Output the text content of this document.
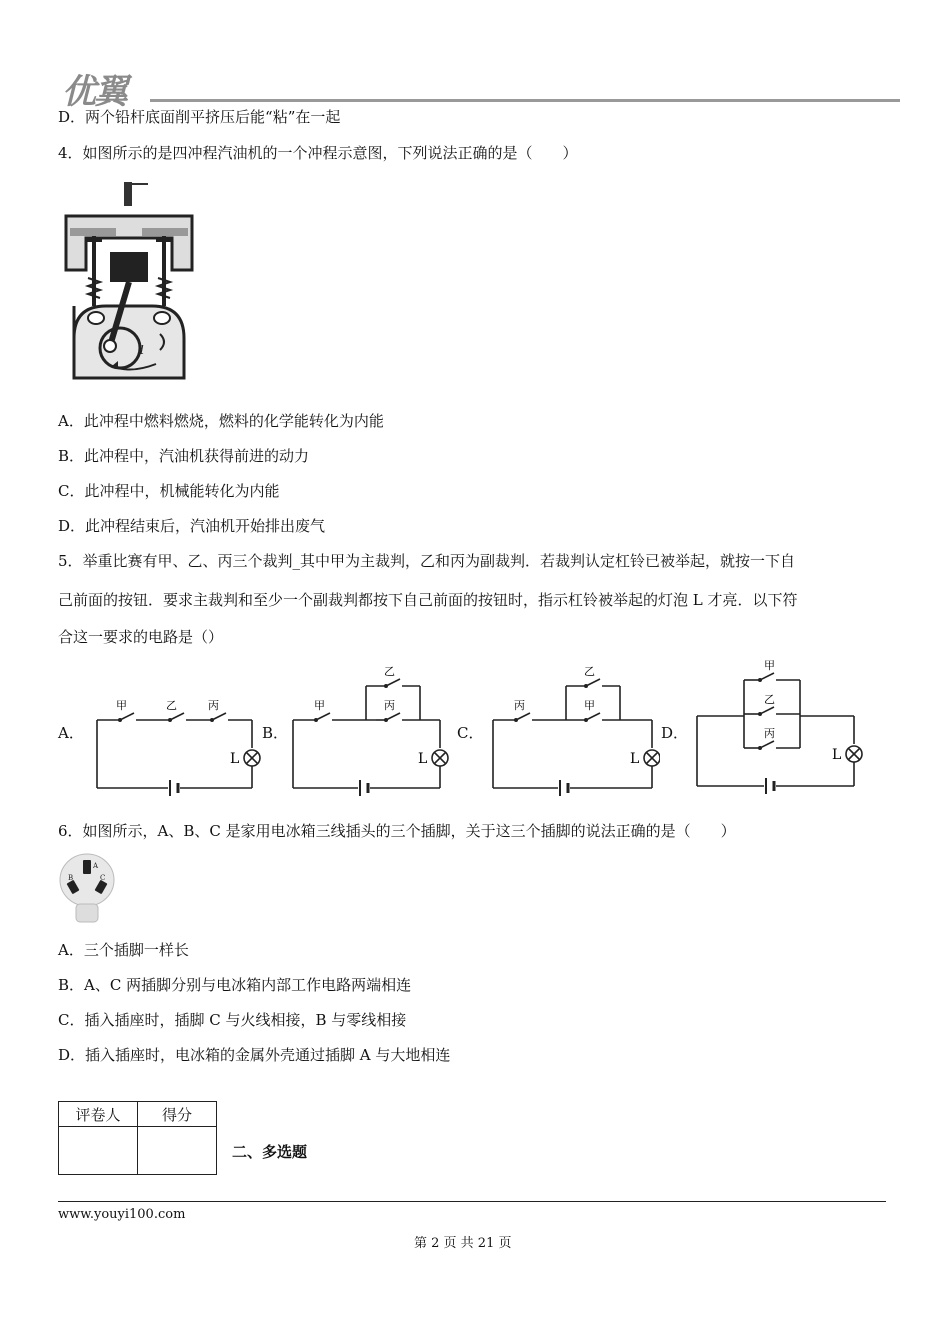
优翼
D．两个铅杆底面削平挤压后能“粘”在一起
4．如图所示的是四冲程汽油机的一个冲程示意图，下列说法正确的是（　　）
1
A．此冲程中燃料燃烧，燃料的化学能转化为内能
B．此冲程中，汽油机获得前进的动力
C．此冲程中，机械能转化为内能
D．此冲程结束后，汽油机开始排出废气
5．举重比赛有甲、乙、丙三个裁判_其中甲为主裁判，乙和丙为副裁判．若裁判认定杠铃已被举起，就按一下自
己前面的按钮．要求主裁判和至少一个副裁判都按下自己前面的按钮时，指示杠铃被举起的灯泡 L 才亮．以下符
合这一要求的电路是（）
A．	B．	C．	D．
甲	乙	丙
L
甲
乙
丙
L
丙
乙
甲
L
甲
乙
丙
L
6．如图所示，A、B、C 是家用电冰箱三线插头的三个插脚，关于这三个插脚的说法正确的是（　　）
A
B	C
A．三个插脚一样长
B．A、C 两插脚分别与电冰箱内部工作电路两端相连
C．插入插座时，插脚 C 与火线相接，B 与零线相接
D．插入插座时，电冰箱的金属外壳通过插脚 A 与大地相连
评卷人	得分

二、多选题
www.youyi100.com
第 2 页 共 21 页
